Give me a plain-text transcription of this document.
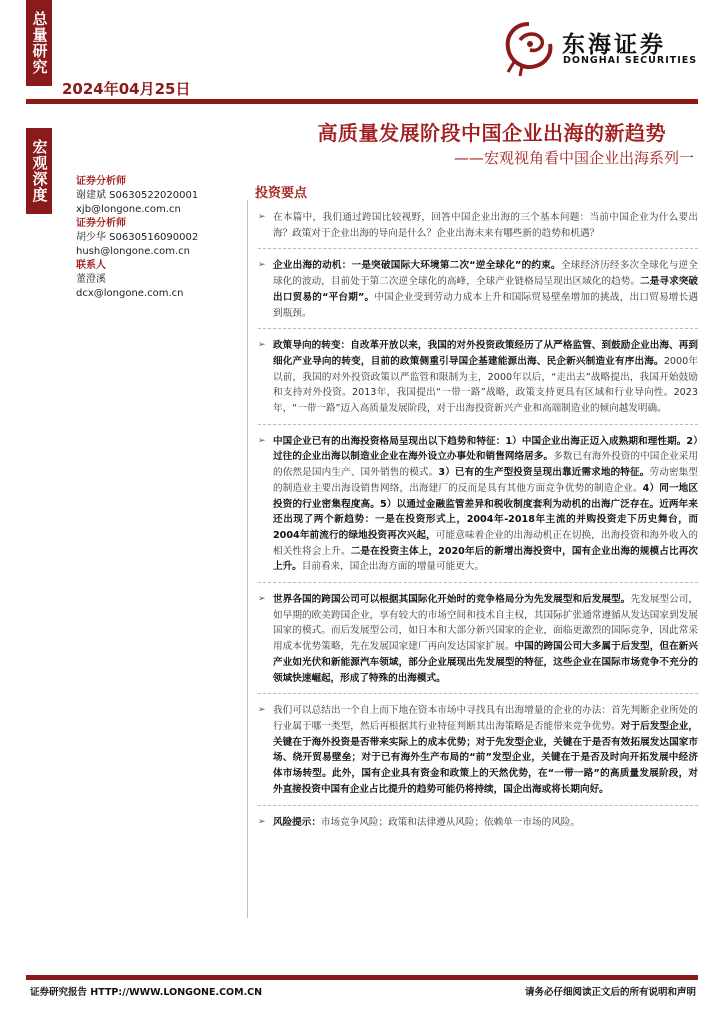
总量研究
2024年04月25日
东海证券
DONGHAI SECURITIES
宏观深度
高质量发展阶段中国企业出海的新趋势
——宏观视角看中国企业出海系列一
证券分析师
谢建斌 S0630522020001
xjb@longone.com.cn
证券分析师
胡少华 S0630516090002
hush@longone.com.cn
联系人
董澄溪
dcx@longone.com.cn
投资要点
➢ 在本篇中，我们通过跨国比较视野，回答中国企业出海的三个基本问题：当前中国企业为什么要出海？政策对于企业出海的导向是什么？企业出海未来有哪些新的趋势和机遇？
➢ 企业出海的动机：一是突破国际大环境第二次“逆全球化”的约束。全球经济历经多次全球化与逆全球化的波动，目前处于第二次逆全球化的高峰，全球产业链格局呈现出区域化的趋势。二是寻求突破出口贸易的“平台期”。中国企业受到劳动力成本上升和国际贸易壁垒增加的挑战，出口贸易增长遇到瓶颈。
➢ 政策导向的转变：自改革开放以来，我国的对外投资政策经历了从严格监管、到鼓励企业出海、再到细化产业导向的转变，目前的政策侧重引导国企基建能源出海、民企新兴制造业有序出海。2000年以前，我国的对外投资政策以严监管和限制为主，2000年以后，“走出去”战略提出，我国开始鼓励和支持对外投资。2013年，我国提出“一带一路”战略，政策支持更具有区域和行业导向性。2023年，“一带一路”迈入高质量发展阶段，对于出海投资新兴产业和高端制造业的倾向越发明确。
➢ 中国企业已有的出海投资格局呈现出以下趋势和特征：1）中国企业出海正迈入成熟期和理性期。2）过往的企业出海以制造业企业在海外设立办事处和销售网络居多。多数已有海外投资的中国企业采用的依然是国内生产、国外销售的模式。3）已有的生产型投资呈现出靠近需求地的特征。劳动密集型的制造业主要出海设销售网络，出海建厂的反而是具有其他方面竞争优势的制造企业。4）同一地区投资的行业密集程度高。5）以通过金融监管差异和税收制度套利为动机的出海广泛存在。近两年来还出现了两个新趋势：一是在投资形式上，2004年-2018年主流的并购投资走下历史舞台，而2004年前流行的绿地投资再次兴起，可能意味着企业的出海动机正在切换，出海投资和海外收入的相关性将会上升。二是在投资主体上，2020年后的新增出海投资中，国有企业出海的规模占比再次上升。目前看来，国企出海方面的增量可能更大。
➢ 世界各国的跨国公司可以根据其国际化开始时的竞争格局分为先发展型和后发展型。先发展型公司，如早期的欧美跨国企业，享有较大的市场空间和技术自主权，其国际扩张通常遵循从发达国家到发展国家的模式。而后发展型公司，如日本和大部分新兴国家的企业，面临更激烈的国际竞争，因此常采用成本优势策略，先在发展国家建厂再向发达国家扩展。中国的跨国公司大多属于后发型，但在新兴产业如光伏和新能源汽车领域，部分企业展现出先发展型的特征，这些企业在国际市场竞争不充分的领域快速崛起，形成了特殊的出海模式。
➢ 我们可以总结出一个自上而下地在资本市场中寻找具有出海增量的企业的办法：首先判断企业所处的行业属于哪一类型，然后再根据其行业特征判断其出海策略是否能带来竞争优势。对于后发型企业，关键在于海外投资是否带来实际上的成本优势；对于先发型企业，关键在于是否有效拓展发达国家市场、绕开贸易壁垒；对于已有海外生产布局的“前”发型企业，关键在于是否及时向开拓发展中经济体市场转型。此外，国有企业具有资金和政策上的天然优势，在“一带一路”的高质量发展阶段，对外直接投资中国有企业占比提升的趋势可能仍将持续，国企出海或将长期向好。
➢ 风险提示：市场竞争风险；政策和法律遵从风险；依赖单一市场的风险。
证券研究报告 HTTP://WWW.LONGONE.COM.CN	请务必仔细阅读正文后的所有说明和声明
